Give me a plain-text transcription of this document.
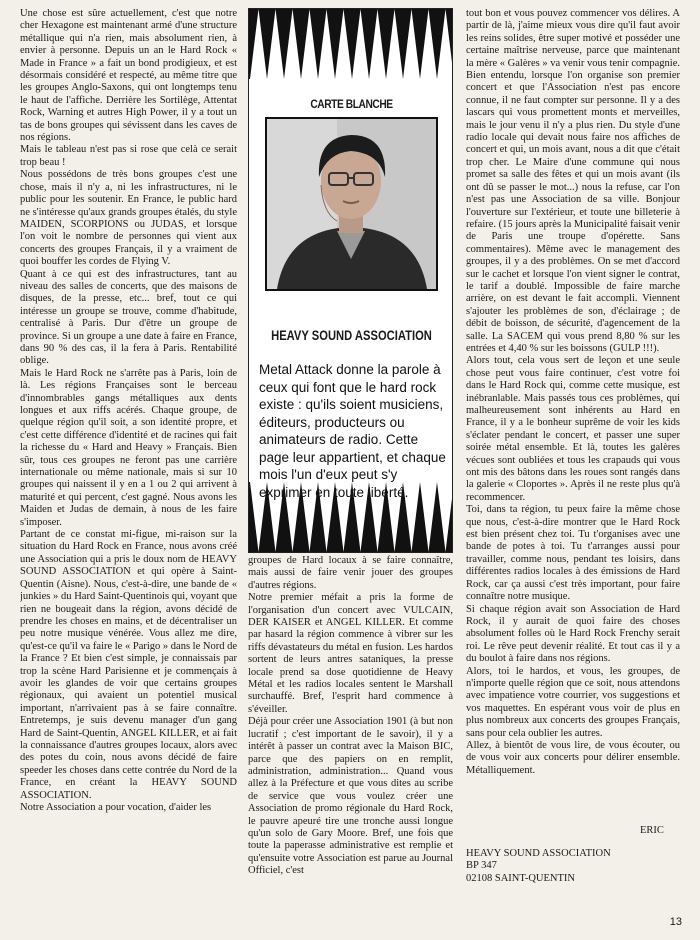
Une chose est sûre actuellement, c'est que notre cher Hexagone est maintenant armé d'une structure métallique qui n'a rien, mais absolument rien, à envier à personne. Depuis un an le Hard Rock « Made in France » a fait un bond prodigieux, et est désormais considéré et respecté, au même titre que les groupes Anglo-Saxons, qui ont longtemps tenu le haut de l'affiche. Derrière les Sortilège, Attentat Rock, Warning et autres High Power, il y a tout un tas de bons groupes qui sévissent dans les caves de nos régions.

Mais le tableau n'est pas si rose que celà ce serait trop beau !

Nous possédons de très bons groupes c'est une chose, mais il n'y a, ni les infrastructures, ni le public pour les soutenir. En France, le public hard ne s'intéresse qu'aux grands groupes étalés, du style MAIDEN, SCORPIONS ou JUDAS, et lorsque l'on voit le nombre de personnes qui vient aux concerts des groupes Français, il y a vraiment de quoi bouffer les cordes de Flying V.

Quant à ce qui est des infrastructures, tant au niveau des salles de concerts, que des maisons de disques, de la presse, etc... bref, tout ce qui intéresse un groupe se trouve, comme d'habitude, centralisé à Paris. Dur d'être un groupe de province. Si un groupe a une date à faire en France, dans 90 % des cas, il la fera à Paris. Rentabilité oblige.

Mais le Hard Rock ne s'arrête pas à Paris, loin de là. Les régions Françaises sont le berceau d'innombrables gangs métalliques aux dents longues et aux riffs acérés. Chaque groupe, de quelque région qu'il soit, a son identité propre, et c'est cette différence d'identité et de racines qui fait la richesse du « Hard and Heavy » Français. Bien sûr, tous ces groupes ne feront pas une carrière internationale ou même nationale, mais si sur 10 groupes qui naissent il y en a 1 ou 2 qui arrivent à maturité et qui percent, c'est gagné. Nous avons les Maiden et Judas de demain, à nous de les faire s'imposer.

Partant de ce constat mi-figue, mi-raison sur la situation du Hard Rock en France, nous avons créé une Association qui a pris le doux nom de HEAVY SOUND ASSOCIATION et qui opère à Saint-Quentin (Aisne). Nous, c'est-à-dire, une bande de « junkies » du Hard Saint-Quentinois qui, voyant que rien ne bougeait dans la région, avons décidé de prendre les choses en mains, et de décentraliser un peu notre musique vénérée. Vous allez me dire, qu'est-ce qu'il va faire le « Parigo » dans le Nord de la France ? Et bien c'est simple, je connaissais par trop la scène Hard Parisienne et je commençais à avoir les glandes de voir que certains groupes régionaux, qui avaient un potentiel musical important, n'arrivaient pas à se faire connaître. Entretemps, je suis devenu manager d'un gang Hard de Saint-Quentin, ANGEL KILLER, et ai fait la connaissance d'autres groupes locaux, alors avec des potes du coin, nous avons décidé de faire speeder les choses dans cette contrée du Nord de la France, en créant la HEAVY SOUND ASSOCIATION.

Notre Association a pour vocation, d'aider les

CARTE BLANCHE
HEAVY SOUND ASSOCIATION
Metal Attack donne la parole à ceux qui font que le hard rock existe : qu'ils soient musiciens, éditeurs, producteurs ou animateurs de radio. Cette page leur appartient, et chaque mois l'un d'eux peut s'y exprimer en toute liberté.

groupes de Hard locaux à se faire connaître, mais aussi de faire venir jouer des groupes d'autres régions.

Notre premier méfait a pris la forme de l'organisation d'un concert avec VULCAIN, DER KAISER et ANGEL KILLER. Et comme par hasard la région commence à vibrer sur les riffs dévastateurs du métal en fusion. Les hardos sortent de leurs antres sataniques, la presse locale prend sa dose quotidienne de Heavy Métal et les radios locales sentent le Marshall surchauffé. Bref, l'esprit hard commence à s'éveiller.

Déjà pour créer une Association 1901 (à but non lucratif ; c'est important de le savoir), il y a intérêt à passer un contrat avec la Maison BIC, parce que des papiers on en remplit, administration, administration... Quand vous allez à la Préfecture et que vous dites au scribe de service que vous voulez créer une Association de promo régionale du Hard Rock, le pauvre apeuré tire une tronche aussi longue qu'un solo de Gary Moore. Bref, une fois que toute la paperasse administrative est remplie et qu'ensuite votre Association est parue au Journal Officiel, c'est

tout bon et vous pouvez commencer vos délires. A partir de là, j'aime mieux vous dire qu'il faut avoir les reins solides, être super motivé et posséder une certaine maîtrise nerveuse, parce que maintenant la mère « Galères » va venir vous tenir compagnie.

Bien entendu, lorsque l'on organise son premier concert et que l'Association n'est pas encore connue, il ne faut compter sur personne. Il y a des lascars qui vous promettent monts et merveilles, mais le jour venu il n'y a plus rien. Du style d'une radio locale qui devait nous faire nos affiches de concert et qui, un mois avant, nous a dit que c'était trop cher. Le Maire d'une commune qui nous promet sa salle des fêtes et qui un mois avant (ils ont dû se passer le mot...) nous la refuse, car l'on n'est pas une Association de sa ville. Bonjour l'ouverture sur l'extérieur, et toute une billeterie à refaire. (15 jours après la Municipalité faisait venir de Paris une troupe d'opérette. Sans commentaires). Même avec le management des groupes, il y a des problèmes. On se met d'accord sur le cachet et lorsque l'on vient signer le contrat, le tarif a doublé. Impossible de faire marche arrière, on est devant le fait accompli. Viennent s'ajouter les problèmes de son, d'éclairage ; de débit de boisson, de sécurité, d'agencement de la salle. La SACEM qui vous prend 8,80 % sur les entrées et 4,40 % sur les boissons (GULP !!!).

Alors tout, cela vous sert de leçon et une seule chose peut vous faire continuer, c'est votre foi dans le Hard Rock qui, comme cette musique, est inébranlable. Mais passés tous ces problèmes, qui malheureusement sont inhérents au Hard en France, il y a le bonheur suprême de voir les kids s'éclater pendant le concert, et passer une super soirée métal ensemble. Et là, toutes les galères vécues sont oubliées et tous les crapauds qui vous ont mis des bâtons dans les roues sont rangés dans la galerie « Cloportes ». Après il ne reste plus qu'à recommencer.

Toi, dans ta région, tu peux faire la même chose que nous, c'est-à-dire montrer que le Hard Rock est bien présent chez toi. Tu t'organises avec une bande de potes à toi. Tu t'arranges aussi pour travailler, comme nous, pendant tes loisirs, dans différentes radios locales à des émissions de Hard Rock, car ça aussi c'est très important, pour faire connaître notre musique.

Si chaque région avait son Association de Hard Rock, il y aurait de quoi faire des choses absolument folles où le Hard Rock Frenchy serait roi. Le rêve peut devenir réalité. Et tout cas il y a du boulot à faire dans nos régions.

Alors, toi le hardos, et vous, les groupes, de n'importe quelle région que ce soit, nous attendons avec impatience votre courrier, vos suggestions et vos maquettes. En espérant vous voir de plus en plus nombreux aux concerts des groupes Français, sans pour cela oublier les autres.

Allez, à bientôt de vous lire, de vous écouter, ou de vous voir aux concerts pour délirer ensemble. Métalliquement.

ERIC
HEAVY SOUND ASSOCIATION
BP 347
02108 SAINT-QUENTIN
13
